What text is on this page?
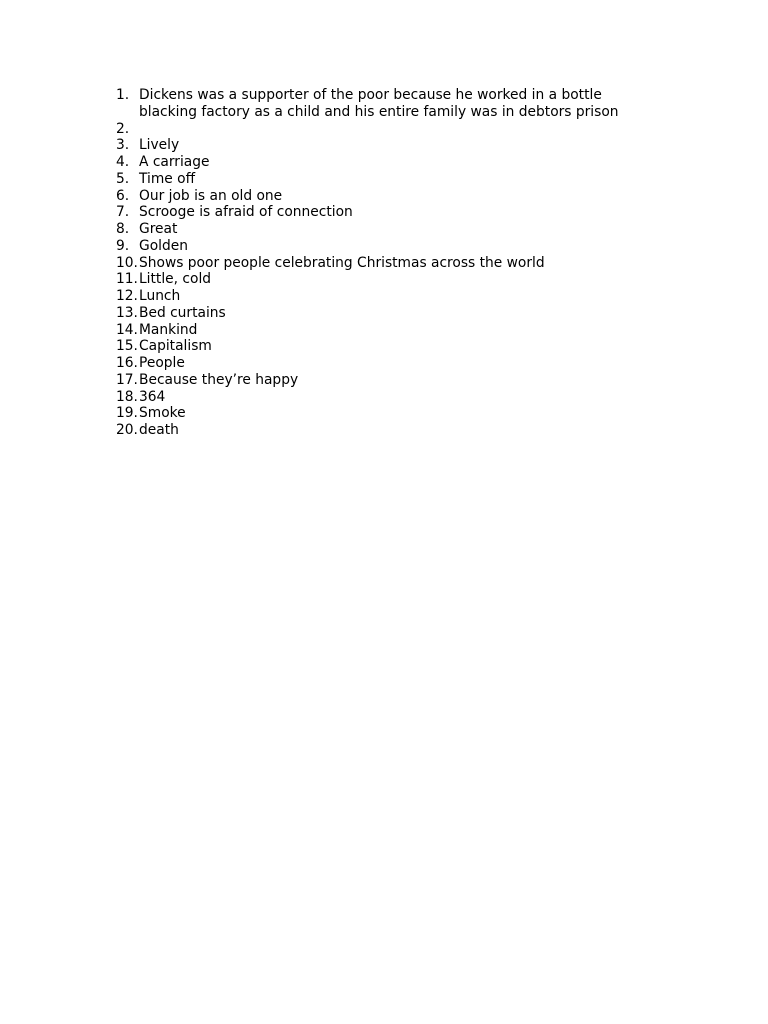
1. Dickens was a supporter of the poor because he worked in a bottle blacking factory as a child and his entire family was in debtors prison
2.

3. Lively
4. A carriage
5. Time off
6. Our job is an old one
7. Scrooge is afraid of connection
8. Great
9. Golden
10. Shows poor people celebrating Christmas across the world
11. Little, cold
12. Lunch
13. Bed curtains
14. Mankind
15. Capitalism
16. People
17. Because they’re happy
18. 364
19. Smoke
20. death
